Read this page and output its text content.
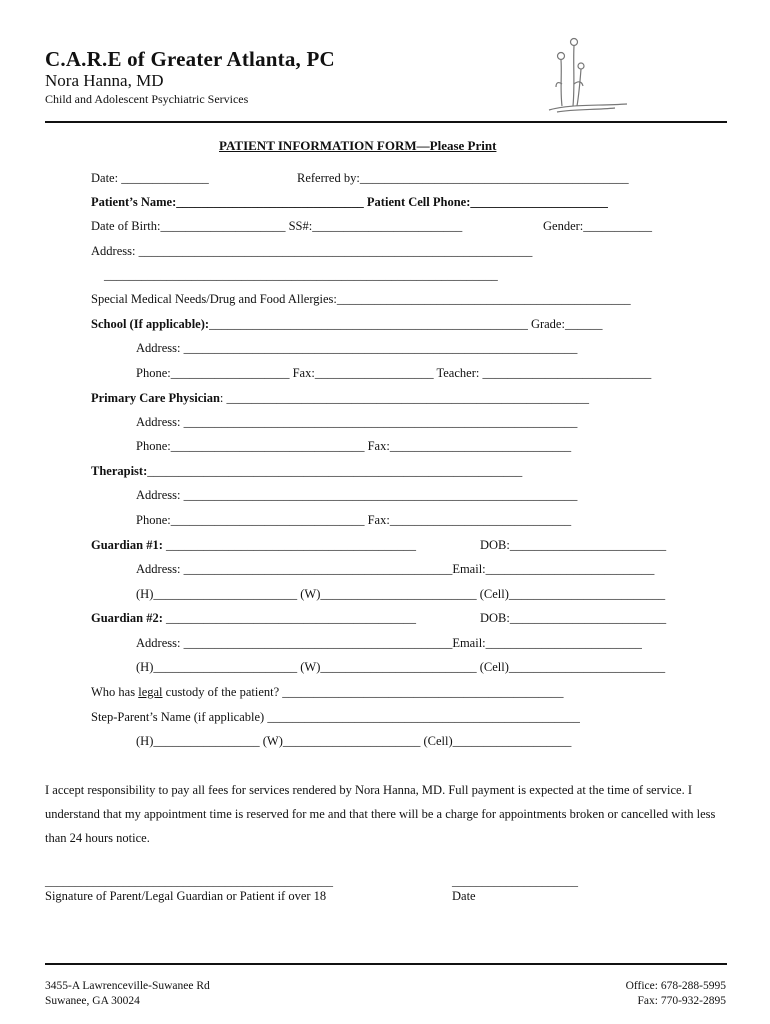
C.A.R.E of Greater Atlanta, PC
Nora Hanna, MD
Child and Adolescent Psychiatric Services
PATIENT INFORMATION FORM—Please Print
Date: ______________	Referred by:___________________________________________
Patient’s Name:______________________________ Patient Cell Phone:______________________
Date of Birth:____________________ SS#:________________________	Gender:___________
Address: _______________________________________________________________
_______________________________________________________________
Special Medical Needs/Drug and Food Allergies:_______________________________________________
School (If applicable):___________________________________________________ Grade:______
Address: _______________________________________________________________
Phone:___________________ Fax:___________________ Teacher: ___________________________
Primary Care Physician: __________________________________________________________
Address: _______________________________________________________________
Phone:_______________________________ Fax:_____________________________
Therapist:____________________________________________________________
Address: _______________________________________________________________
Phone:_______________________________ Fax:_____________________________
Guardian #1: ________________________________________	DOB:_________________________
Address: ___________________________________________Email:___________________________
(H)_______________________ (W)_________________________ (Cell)_________________________
Guardian #2: ________________________________________	DOB:_________________________
Address: ___________________________________________Email:_________________________
(H)_______________________ (W)_________________________ (Cell)_________________________
Who has legal custody of the patient? _____________________________________________
Step-Parent’s Name (if applicable) __________________________________________________
(H)_________________ (W)______________________ (Cell)___________________
I accept responsibility to pay all fees for services rendered by Nora Hanna, MD. Full payment is expected at the time of service. I understand that my appointment time is reserved for me and that there will be a charge for appointments broken or cancelled with less than 24 hours notice.
________________________________________________
Signature of Parent/Legal Guardian or Patient if over 18
_____________________
Date
3455-A Lawrenceville-Suwanee Rd
Suwanee, GA 30024
Office: 678-288-5995
Fax: 770-932-2895
